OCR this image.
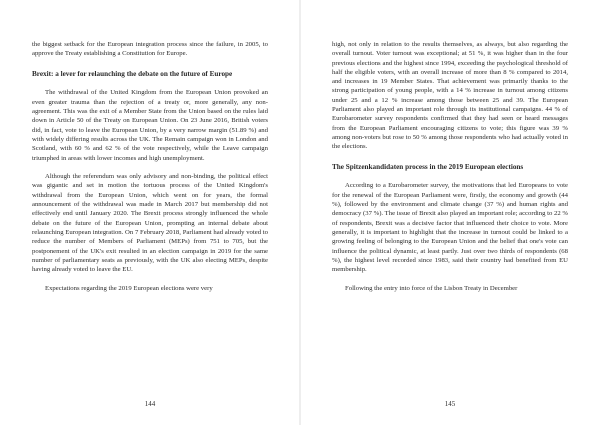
the biggest setback for the European integration process since the failure, in 2005, to approve the Treaty establishing a Constitution for Europe.

Brexit: a lever for relaunching the debate on the future of Europe

The withdrawal of the United Kingdom from the European Union provoked an even greater trauma than the rejection of a treaty or, more generally, any non-agreement. This was the exit of a Member State from the Union based on the rules laid down in Article 50 of the Treaty on European Union. On 23 June 2016, British voters did, in fact, vote to leave the European Union, by a very narrow margin (51.89 %) and with widely differing results across the UK. The Remain campaign won in London and Scotland, with 60 % and 62 % of the vote respectively, while the Leave campaign triumphed in areas with lower incomes and high unemployment.

Although the referendum was only advisory and non-binding, the political effect was gigantic and set in motion the tortuous process of the United Kingdom's withdrawal from the European Union, which went on for years, the formal announcement of the withdrawal was made in March 2017 but membership did not effectively end until January 2020. The Brexit process strongly influenced the whole debate on the future of the European Union, prompting an internal debate about relaunching European integration. On 7 February 2018, Parliament had already voted to reduce the number of Members of Parliament (MEPs) from 751 to 705, but the postponement of the UK's exit resulted in an election campaign in 2019 for the same number of parliamentary seats as previously, with the UK also electing MEPs, despite having already voted to leave the EU.

Expectations regarding the 2019 European elections were very

144

high, not only in relation to the results themselves, as always, but also regarding the overall turnout. Voter turnout was exceptional; at 51 %, it was higher than in the four previous elections and the highest since 1994, exceeding the psychological threshold of half the eligible voters, with an overall increase of more than 8 % compared to 2014, and increases in 19 Member States. That achievement was primarily thanks to the strong participation of young people, with a 14 % increase in turnout among citizens under 25 and a 12 % increase among those between 25 and 39. The European Parliament also played an important role through its institutional campaigns. 44 % of Eurobarometer survey respondents confirmed that they had seen or heard messages from the European Parliament encouraging citizens to vote; this figure was 39 % among non-voters but rose to 50 % among those respondents who had actually voted in the elections.

The Spitzenkandidaten process in the 2019 European elections

According to a Eurobarometer survey, the motivations that led Europeans to vote for the renewal of the European Parliament were, firstly, the economy and growth (44 %), followed by the environment and climate change (37 %) and human rights and democracy (37 %). The issue of Brexit also played an important role; according to 22 % of respondents, Brexit was a decisive factor that influenced their choice to vote. More generally, it is important to highlight that the increase in turnout could be linked to a growing feeling of belonging to the European Union and the belief that one's vote can influence the political dynamic, at least partly. Just over two thirds of respondents (68 %), the highest level recorded since 1983, said their country had benefited from EU membership.

Following the entry into force of the Lisbon Treaty in December

145
